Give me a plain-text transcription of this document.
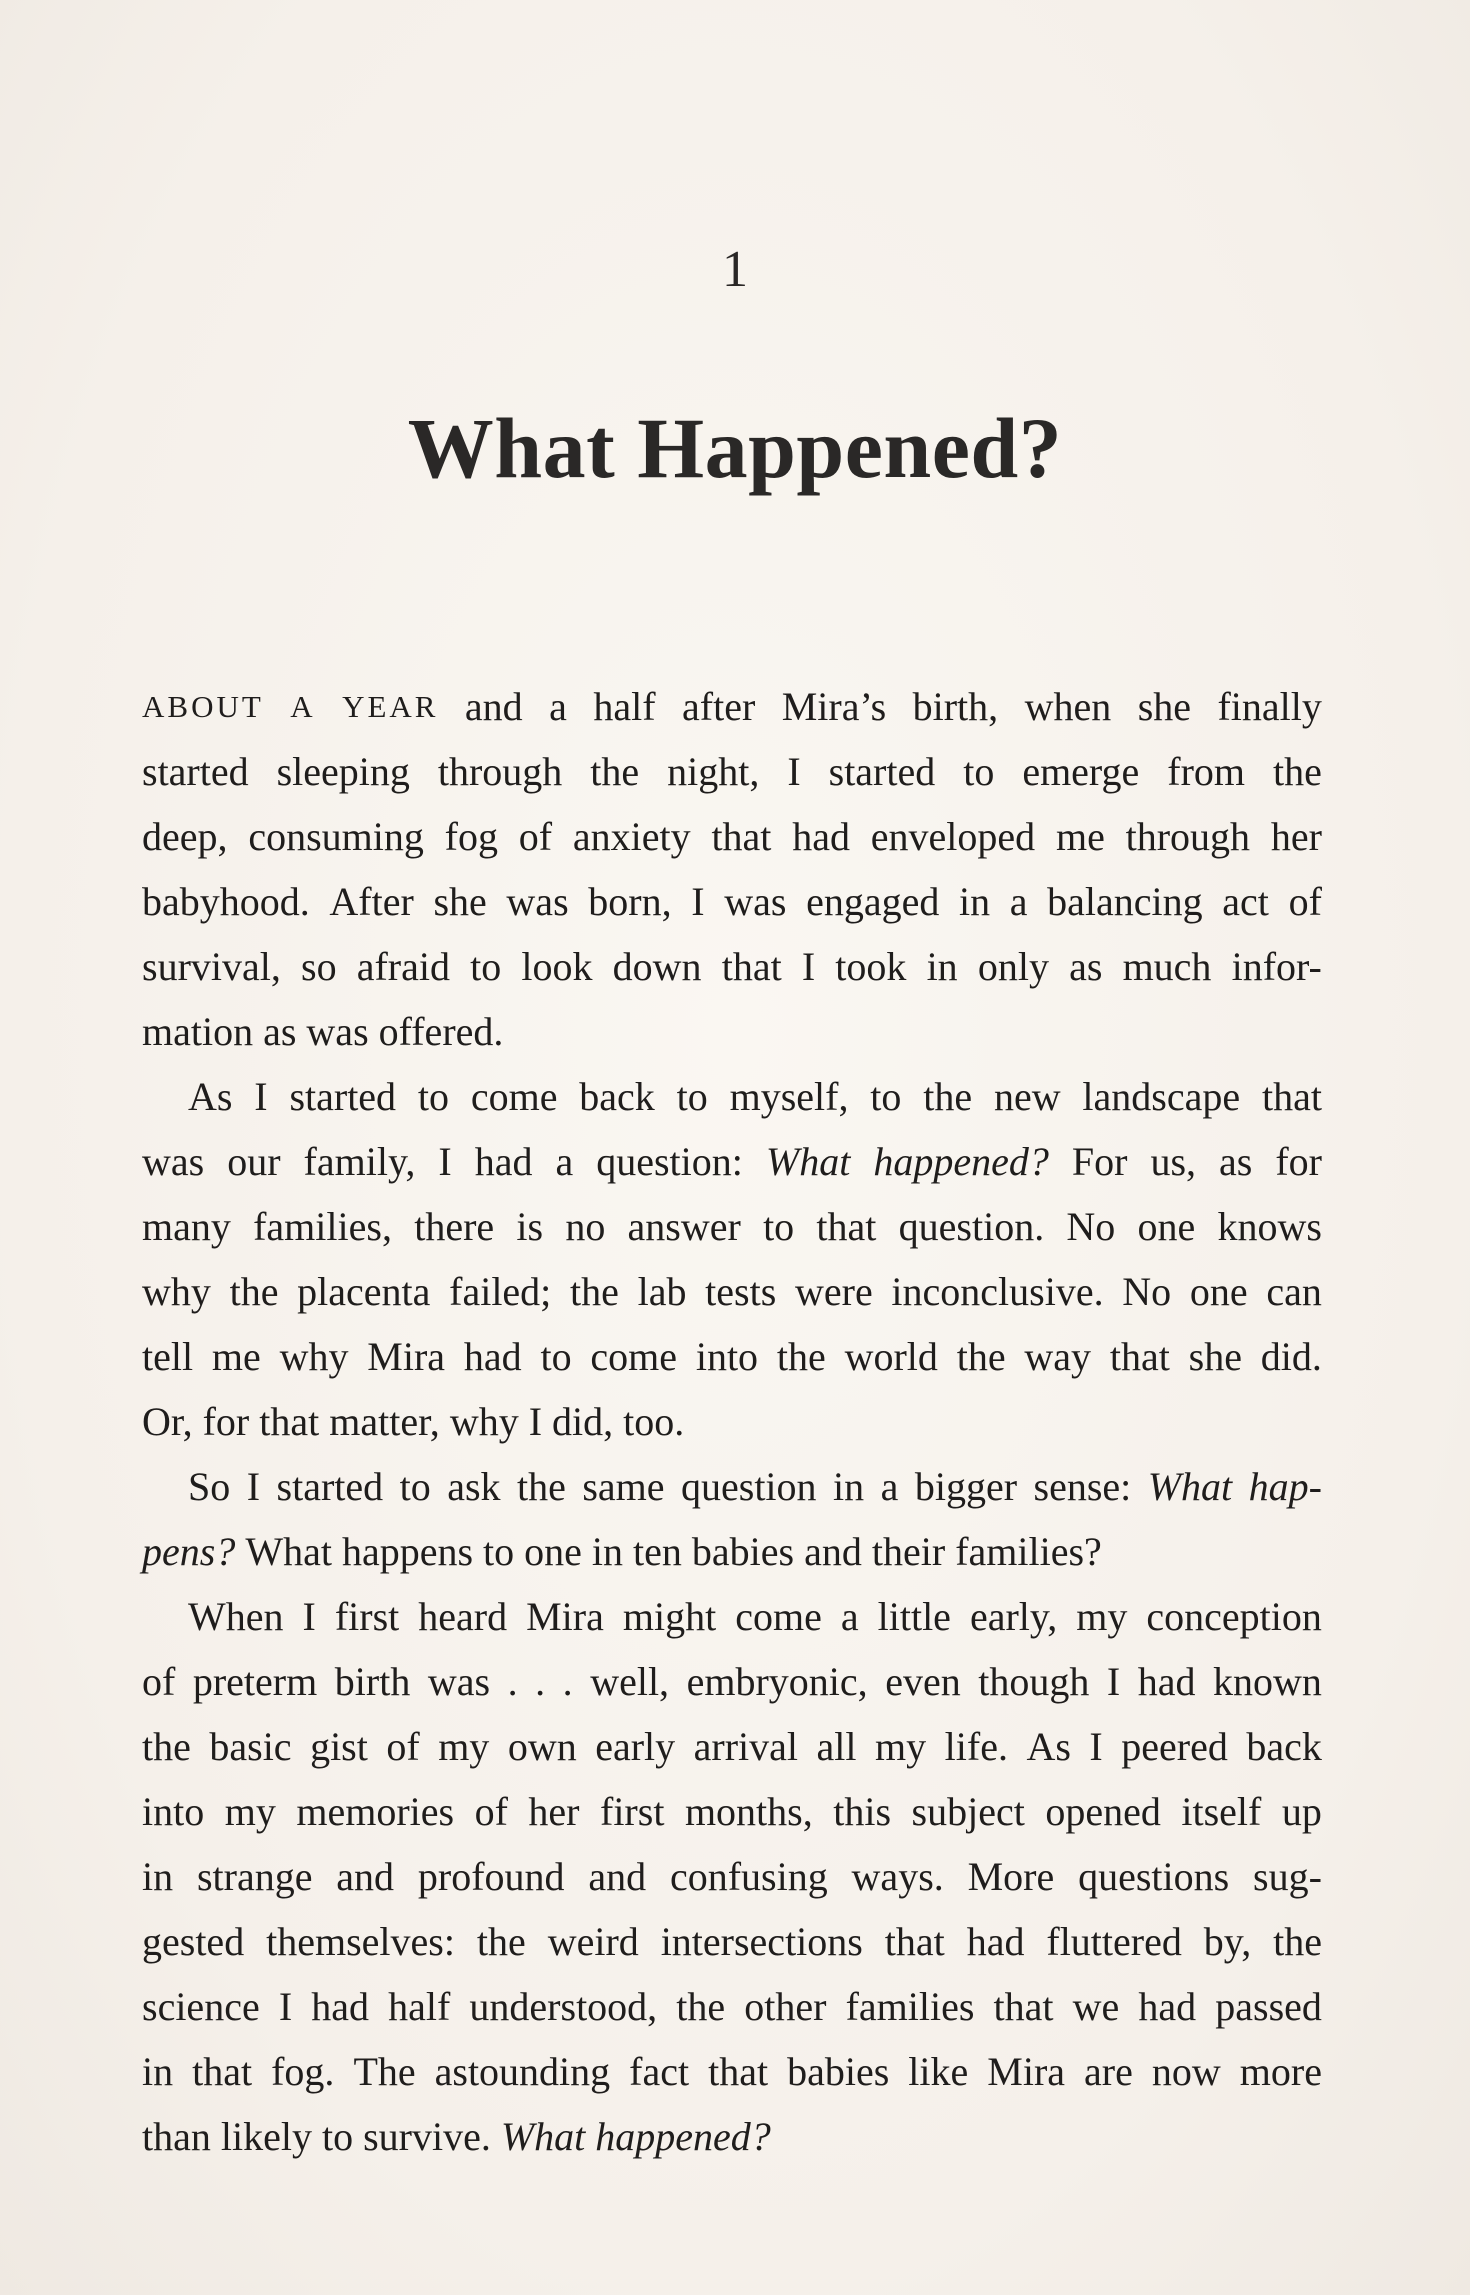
1
What Happened?
ABOUT A YEAR and a half after Mira’s birth, when she finally
started sleeping through the night, I started to emerge from the
deep, consuming fog of anxiety that had enveloped me through her
babyhood. After she was born, I was engaged in a balancing act of
survival, so afraid to look down that I took in only as much infor-
mation as was offered.
As I started to come back to myself, to the new landscape that
was our family, I had a question: What happened? For us, as for
many families, there is no answer to that question. No one knows
why the placenta failed; the lab tests were inconclusive. No one can
tell me why Mira had to come into the world the way that she did.
Or, for that matter, why I did, too.
So I started to ask the same question in a bigger sense: What hap-
pens? What happens to one in ten babies and their families?
When I first heard Mira might come a little early, my conception
of preterm birth was . . . well, embryonic, even though I had known
the basic gist of my own early arrival all my life. As I peered back
into my memories of her first months, this subject opened itself up
in strange and profound and confusing ways. More questions sug-
gested themselves: the weird intersections that had fluttered by, the
science I had half understood, the other families that we had passed
in that fog. The astounding fact that babies like Mira are now more
than likely to survive. What happened?
